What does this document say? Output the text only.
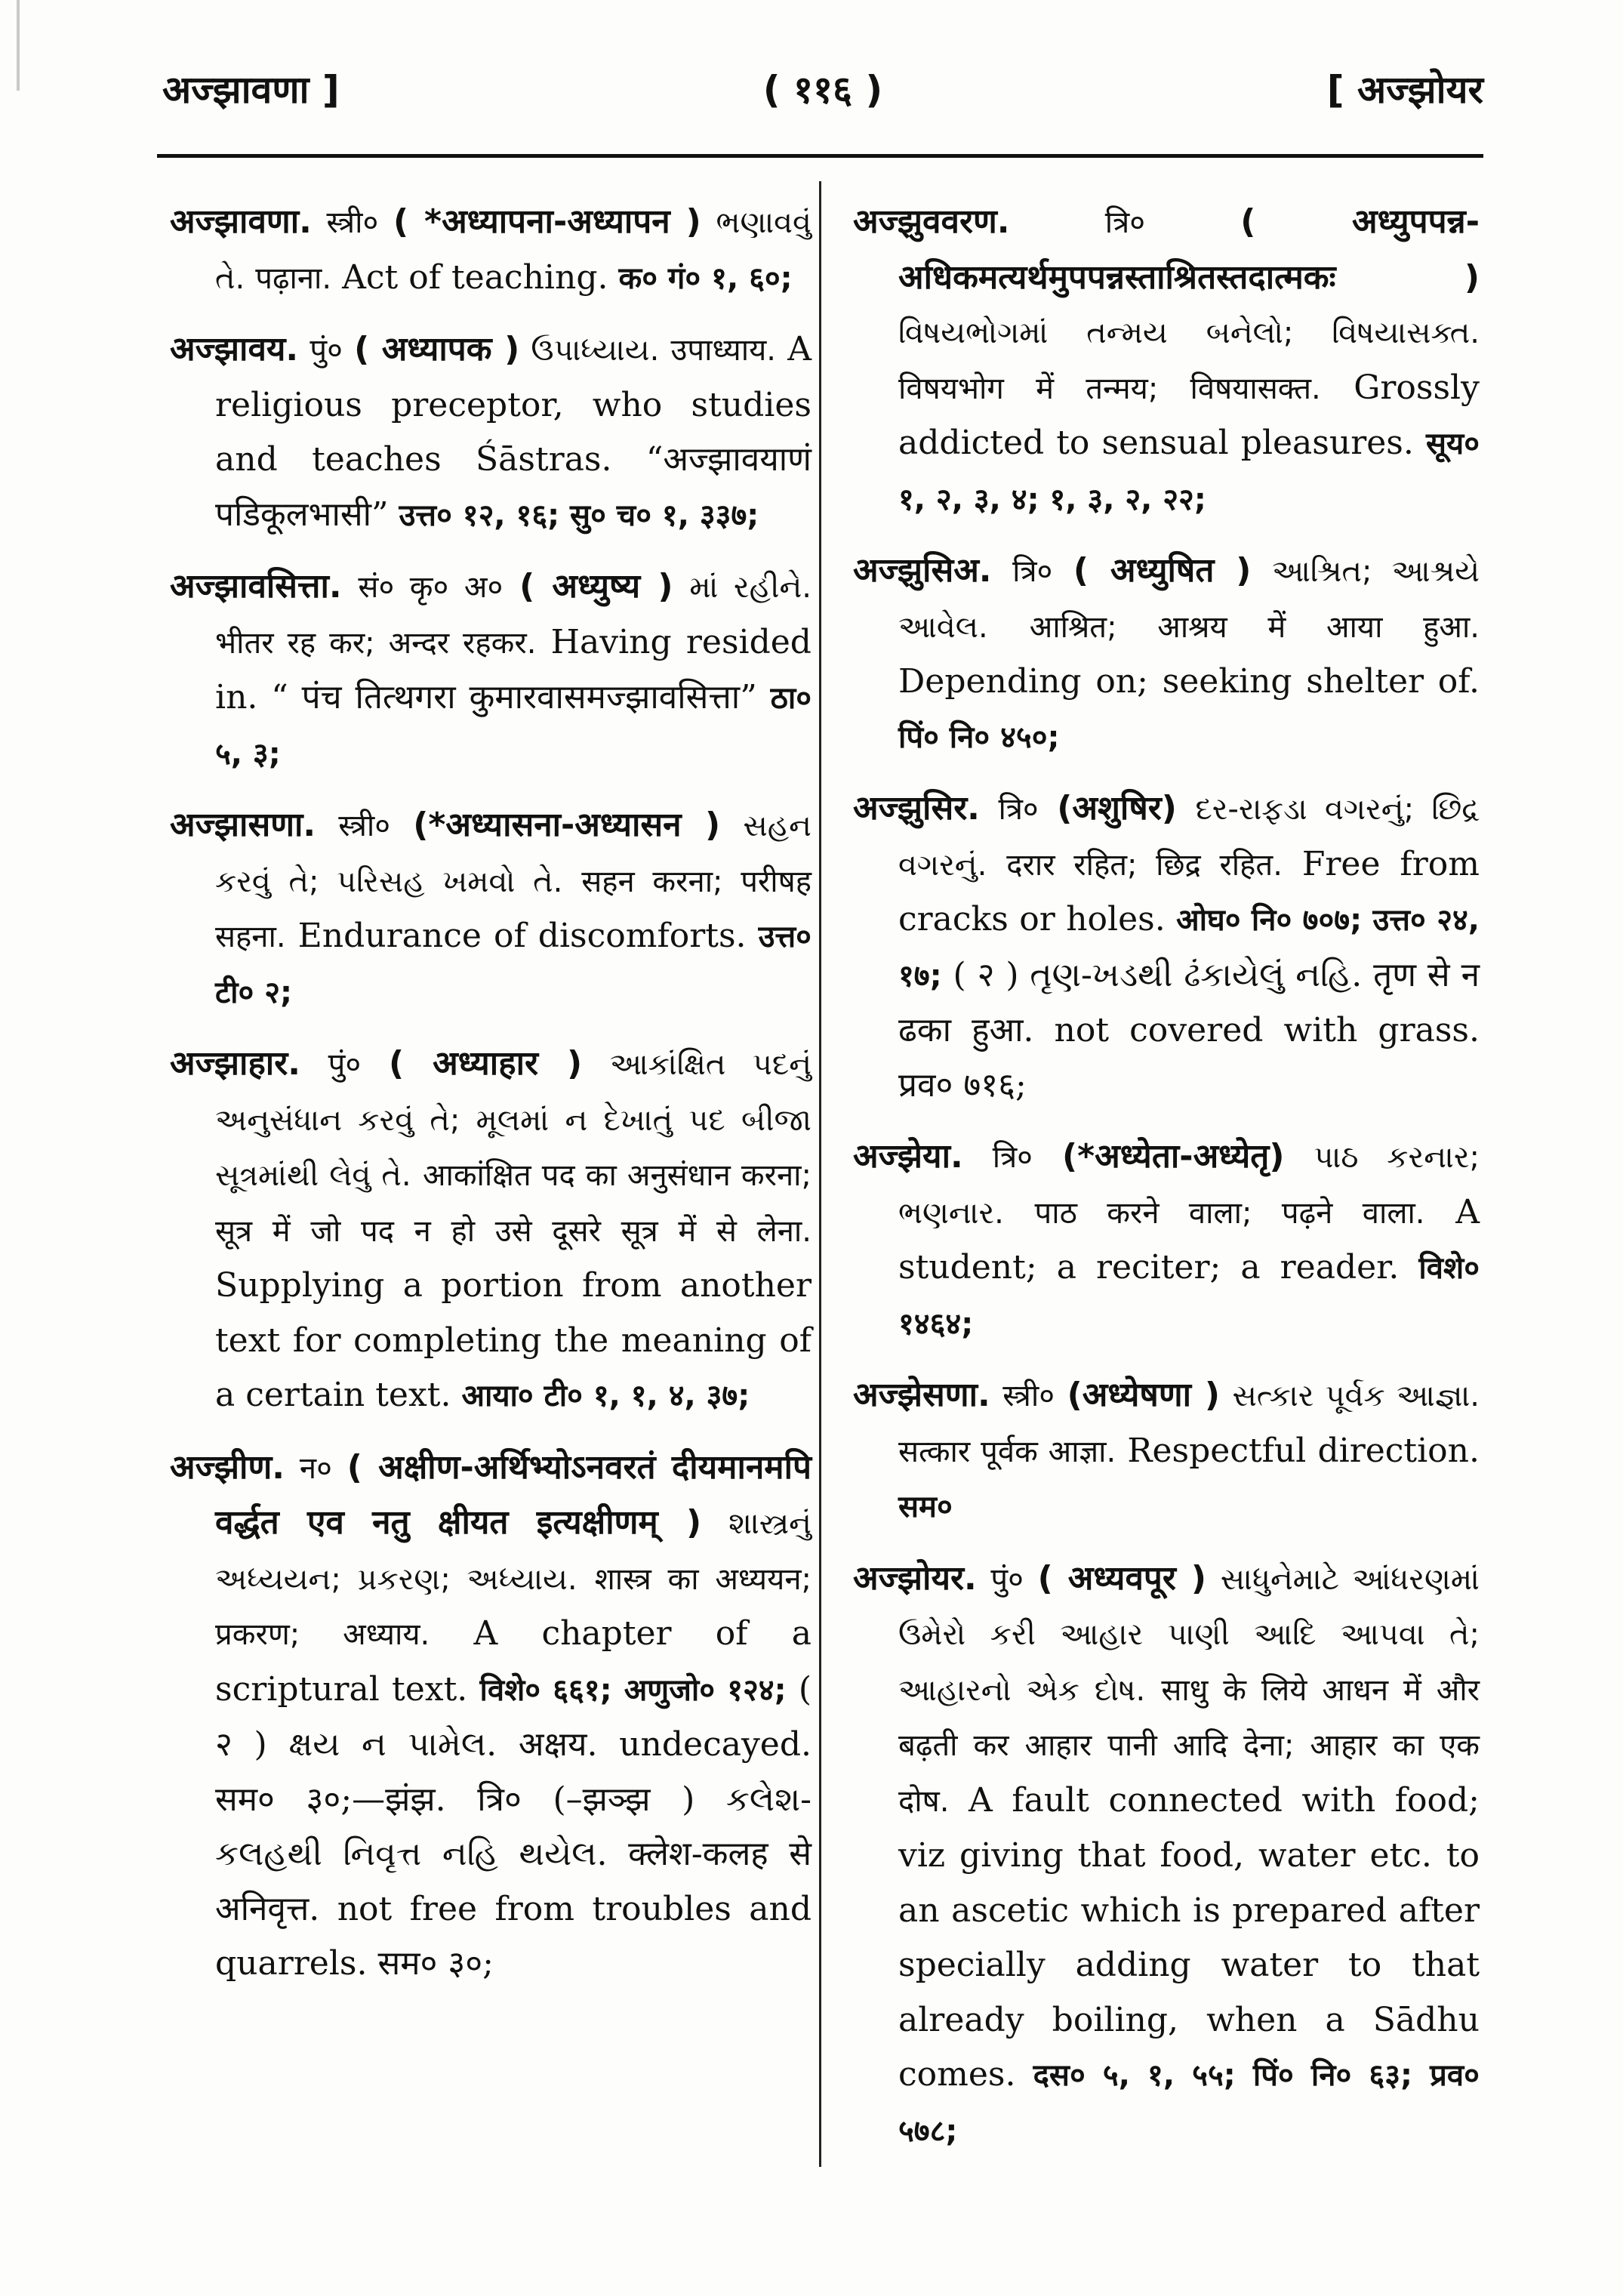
अज्झावणा ]	( ११६ )	[ अज्झोयर

अज्झावणा. स्त्री० ( *अध्यापना-अध्यापन ) ભણાવવું તે. पढ़ाना. Act of teaching. क० गं० १, ६०;

अज्झावय. पुं० ( अध्यापक ) ઉપાધ્યાય. उपाध्याय. A religious preceptor, who studies and teaches Śāstras. “अज्झावयाणं पडिकूलभासी” उत्त० १२, १६; सु० च० १, ३३७;

अज्झावसित्ता. सं० कृ० अ० ( अध्युष्य ) માં રહીને. भीतर रह कर; अन्दर रहकर. Having resided in. “ पंच तित्थगरा कुमारवासमज्झावसित्ता” ठा० ५, ३;

अज्झासणा. स्त्री० (*अध्यासना-अध्यासन ) સહન કરવું તે; પરિસહ ખમવો તે. सहन करना; परीषह सहना. Endurance of discomforts. उत्त० टी० २;

अज्झाहार. पुं० ( अध्याहार ) આકાંક્ષિત પદનું અનુસંધાન કરવું તે; મૂલમાં ન દેખાતું પદ બીજા સૂત્રમાંથી લેવું તે. आकांक्षित पद का अनुसंधान करना; सूत्र में जो पद न हो उसे दूसरे सूत्र में से लेना. Supplying a portion from another text for completing the meaning of a certain text. आया० टी० १, १, ४, ३७;

अज्झीण. न० ( अक्षीण-अर्थिभ्योऽनवरतं दीयमानमपि वर्द्धत एव नतु क्षीयत इत्यक्षीणम् ) શાસ્ત્રનું અધ્યયન; પ્રકરણ; અધ્યાય. शास्त्र का अध्ययन; प्रकरण; अध्याय. A chapter of a scriptural text. विशे० ६६१; अणुजो० १२४; ( २ ) ક્ષય ન પામેલ. अक्षय. undecayed. सम० ३०;—झंझ. त्रि० (–झञ्झ ) કલેશ-કલહથી નિવૃત્ત નહિ થયેલ. क्लेश-कलह से अनिवृत्त. not free from troubles and quarrels. सम० ३०;

अज्झुववरण.	त्रि०	( अध्युपपन्न-अधिकमत्यर्थमुपपन्नस्ताश्रितस्तदात्मकः ) વિષયભોગમાં તન્મય બનેલો; વિષયાસક્ત. विषयभोग में तन्मय; विषयासक्त. Grossly addicted to sensual pleasures. सूय० १, २, ३, ४; १, ३, २, २२;

अज्झुसिअ. त्रि० ( अध्युषित ) આશ્રિત; આશ્રયે આવેલ. आश्रित; आश्रय में आया हुआ. Depending on; seeking shelter of. पिं० नि० ४५०;

अज्झुसिर. त्रि० (अशुषिर) દર-રાફડા વગરનું; છિદ્ર વગરનું. दरार रहित; छिद्र रहित. Free from cracks or holes. ओघ० नि० ७०७; उत्त० २४, १७; ( २ ) તૃણ-ખડથી ઢંકાયેલું નહિ. तृण से न ढका हुआ. not covered with grass. प्रव० ७१६;

अज्झेया. त्रि० (*अध्येता-अध्येतृ) પાઠ કરનાર; ભણનાર. पाठ करने वाला; पढ़ने वाला. A student; a reciter; a reader. विशे० १४६४;

अज्झेसणा. स्त्री० (अध्येषणा ) સત્કાર પૂર્વક આજ્ઞા. सत्कार पूर्वक आज्ञा. Respectful direction. सम०

अज्झोयर. पुं० ( अध्यवपूर ) સાધુનેમાટે આંધરણમાં ઉમેરો કરી આહાર પાણી આદિ આપવા તે; આહારનો એક દોષ. साधु के लिये आधन में और बढ़ती कर आहार पानी आदि देना; आहार का एक दोष. A fault connected with food; viz giving that food, water etc. to an ascetic which is prepared after specially adding water to that already boiling, when a Sādhu comes. दस० ५, १, ५५; पिं० नि० ६३; प्रव० ५७८;
